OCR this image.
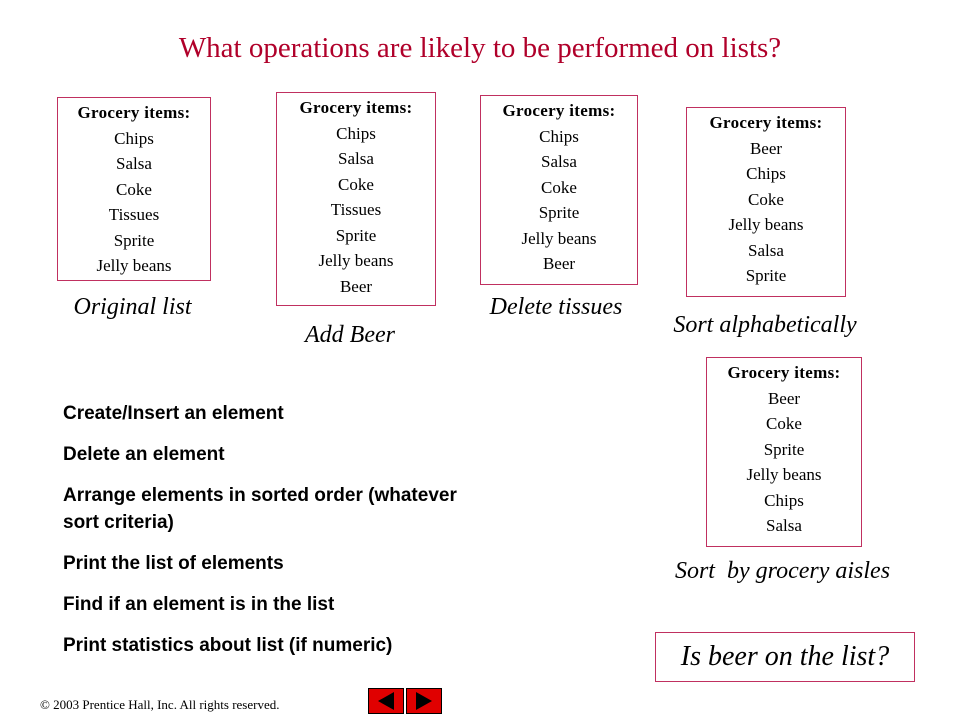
What operations are likely to be performed on lists?
Grocery items:
Chips
Salsa
Coke
Tissues
Sprite
Jelly beans
Original list
Grocery items:
Chips
Salsa
Coke
Tissues
Sprite
Jelly beans
Beer
Add Beer
Grocery items:
Chips
Salsa
Coke
Sprite
Jelly beans
Beer
Delete tissues
Grocery items:
Beer
Chips
Coke
Jelly beans
Salsa
Sprite
Sort alphabetically
Grocery items:
Beer
Coke
Sprite
Jelly beans
Chips
Salsa
Sort  by grocery aisles
Create/Insert an element
Delete an element
Arrange elements in sorted order (whatever sort criteria)
Print the list of elements
Find if an element is in the list
Print statistics about list (if numeric)	Is beer on the list?
© 2003 Prentice Hall, Inc. All rights reserved.
